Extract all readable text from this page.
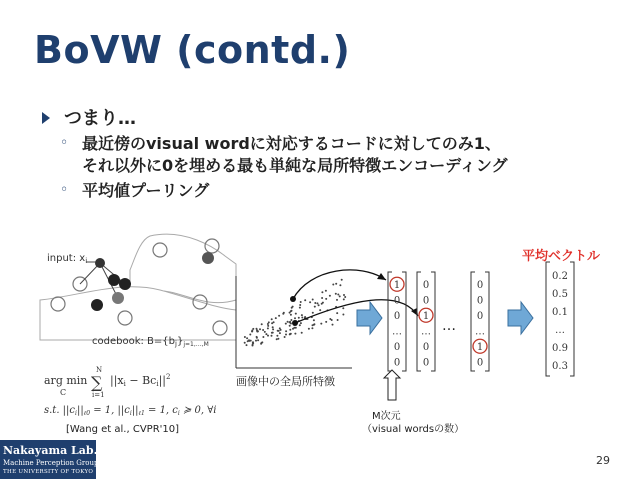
BoVW (contd.)
つまり…
◦ 最近傍のvisual wordに対応するコードに対してのみ1、
それ以外に0を埋める最も単純な局所特徴エンコーディング
◦ 平均値プーリング
input: $x_i$
codebook: $B=\{b_j\}_{j=1,\dots,M}$
arg min
C
N
∑
i=1
$||xi - Bci||^2$
s.t. $||c_i||_{\ell 0} = 1$, $||c_i||_{\ell 1} = 1$, $c_i$ ≽ 0, ∀i
1
0
0
…
0
0
0
0
1
…
0
0
0
0
0
…
1
0
…
0.2
0.5
0.1
…
0.9
0.3
平均ベクトル
画像中の全局所特徴
M次元
（visual wordsの数）
[Wang et al., CVPR'10]
29
Nakayama Lab.
Machine Perception Group
THE UNIVERSITY OF TOKYO
